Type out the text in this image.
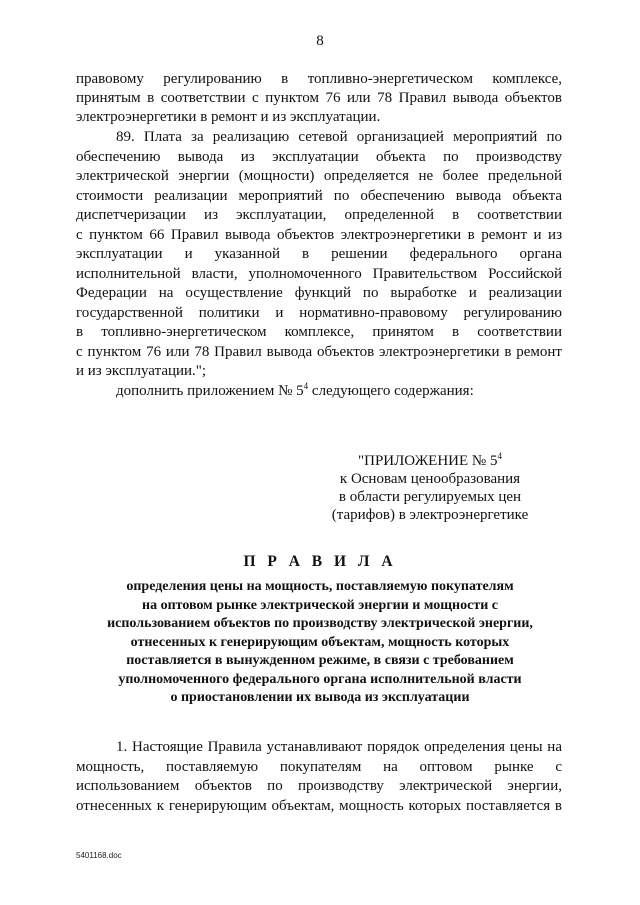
8
правовому регулированию в топливно-энергетическом комплексе,
принятым в соответствии с пунктом 76 или 78 Правил вывода объектов
электроэнергетики в ремонт и из эксплуатации.
89. Плата за реализацию сетевой организацией мероприятий по
обеспечению вывода из эксплуатации объекта по производству
электрической энергии (мощности) определяется не более предельной
стоимости реализации мероприятий по обеспечению вывода объекта
диспетчеризации из эксплуатации, определенной в соответствии
с пунктом 66 Правил вывода объектов электроэнергетики в ремонт и из
эксплуатации и указанной в решении федерального органа
исполнительной власти, уполномоченного Правительством Российской
Федерации на осуществление функций по выработке и реализации
государственной политики и нормативно-правовому регулированию
в топливно-энергетическом комплексе, принятом в соответствии
с пунктом 76 или 78 Правил вывода объектов электроэнергетики в ремонт
и из эксплуатации.";
дополнить приложением № $5^4$ следующего содержания:
"ПРИЛОЖЕНИЕ № $5^4$
к Основам ценообразования
в области регулируемых цен
(тарифов) в электроэнергетике
П Р А В И Л А
определения цены на мощность, поставляемую покупателям
на оптовом рынке электрической энергии и мощности с
использованием объектов по производству электрической энергии,
отнесенных к генерирующим объектам, мощность которых
поставляется в вынужденном режиме, в связи с требованием
уполномоченного федерального органа исполнительной власти
о приостановлении их вывода из эксплуатации
1. Настоящие Правила устанавливают порядок определения цены на
мощность, поставляемую покупателям на оптовом рынке с
использованием объектов по производству электрической энергии,
отнесенных к генерирующим объектам, мощность которых поставляется в
5401168.doc
